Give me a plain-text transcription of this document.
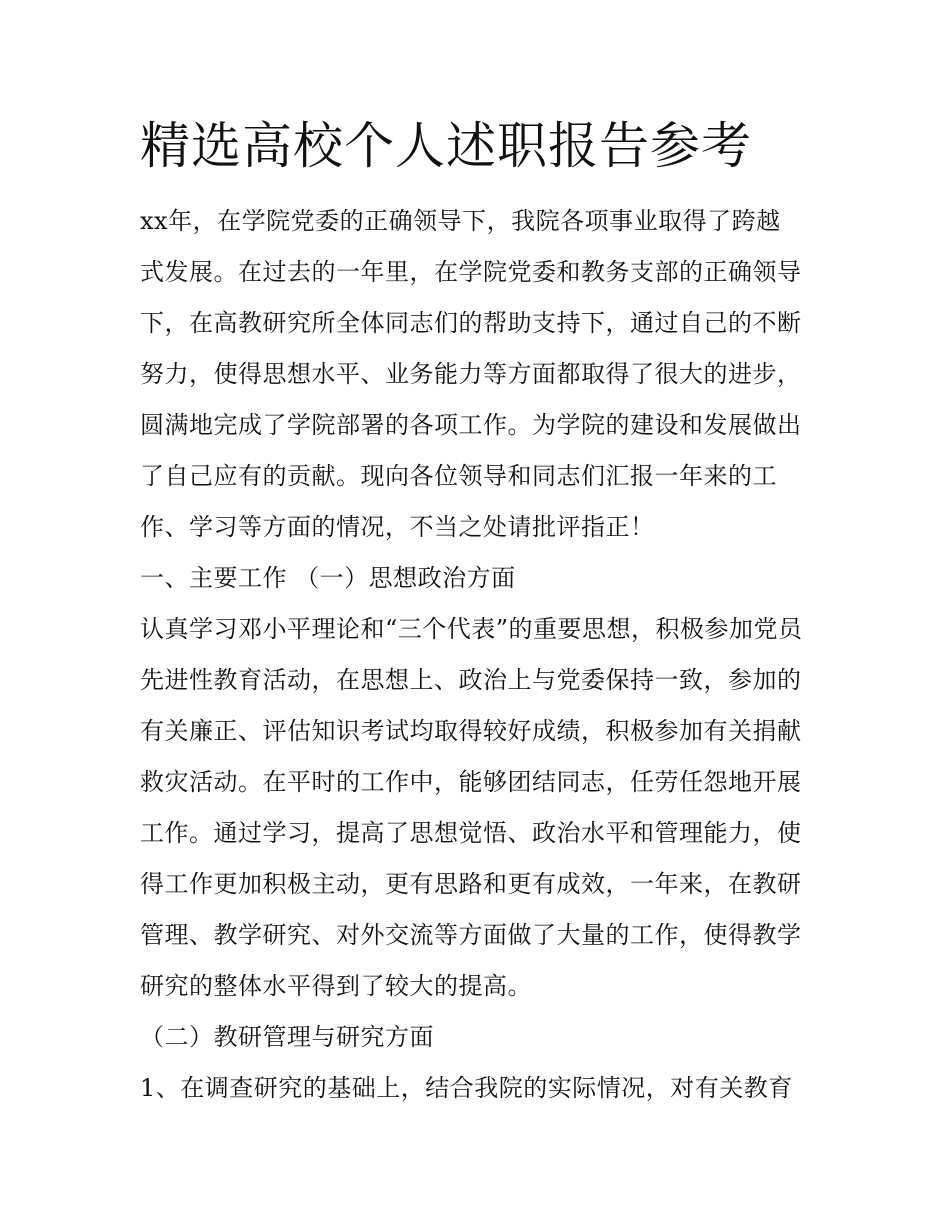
精选高校个人述职报告参考

xx年，在学院党委的正确领导下，我院各项事业取得了跨越

式发展。在过去的一年里，在学院党委和教务支部的正确领导

下，在高教研究所全体同志们的帮助支持下，通过自己的不断

努力，使得思想水平、业务能力等方面都取得了很大的进步，

圆满地完成了学院部署的各项工作。为学院的建设和发展做出

了自己应有的贡献。现向各位领导和同志们汇报一年来的工

作、学习等方面的情况，不当之处请批评指正！

一、主要工作 （一）思想政治方面

认真学习邓小平理论和“三个代表”的重要思想，积极参加党员

先进性教育活动，在思想上、政治上与党委保持一致，参加的

有关廉正、评估知识考试均取得较好成绩，积极参加有关捐献

救灾活动。在平时的工作中，能够团结同志，任劳任怨地开展

工作。通过学习，提高了思想觉悟、政治水平和管理能力，使

得工作更加积极主动，更有思路和更有成效，一年来，在教研

管理、教学研究、对外交流等方面做了大量的工作，使得教学

研究的整体水平得到了较大的提高。

（二）教研管理与研究方面

1、在调查研究的基础上，结合我院的实际情况，对有关教育
